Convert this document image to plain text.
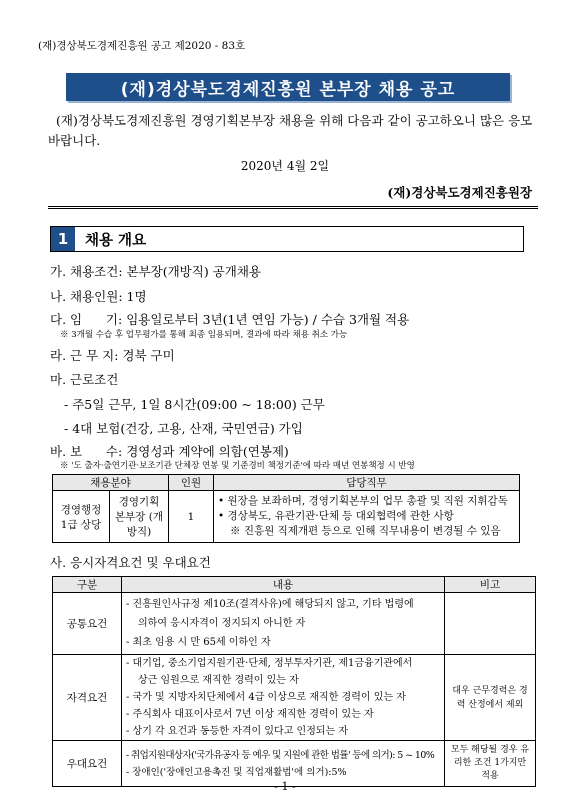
(재)경상북도경제진흥원 공고 제2020 - 83호
(재)경상북도경제진흥원 본부장 채용 공고
(재)경상북도경제진흥원 경영기획본부장 채용을 위해 다음과 같이 공고하오니 많은 응모 바랍니다.
2020년 4월 2일
(재)경상북도경제진흥원장
1	채용 개요
가. 채용조건: 본부장(개방직) 공개채용
나. 채용인원: 1명
다. 임      기: 임용일로부터 3년(1년 연임 가능) / 수습 3개월 적용
※ 3개월 수습 후 업무평가를 통해 최종 임용되며, 결과에 따라 채용 취소 가능
라. 근 무 지: 경북 구미
마. 근로조건
- 주5일 근무, 1일 8시간(09:00 ~ 18:00) 근무
- 4대 보험(건강, 고용, 산재, 국민연금) 가입
바. 보      수: 경영성과 계약에 의함(연봉제)
※ '도 출자·출연기관·보조기관 단체장 연봉 및 기준경비 책정기준'에 따라 매년 연봉책정 시 반영
채용분야		인원	담당직무
경영행정 1급 상당	경영기획 본부장 (개방직)	1	• 원장을 보좌하며, 경영기획본부의 업무 총괄 및 직원 지휘감독
• 경상북도, 유관기관·단체 등 대외협력에 관한 사항
※ 진흥원 직제개편 등으로 인해 직무내용이 변경될 수 있음
사. 응시자격요건 및 우대요건
구분	내용	비고
공통요건	- 진흥원인사규정 제10조(결격사유)에 해당되지 않고, 기타 법령에
의하여 응시자격이 정지되지 아니한 자
- 최초 임용 시 만 65세 이하인 자	

자격요건	- 대기업, 중소기업지원기관·단체, 정부투자기관, 제1금융기관에서
상근 임원으로 재직한 경력이 있는 자
- 국가 및 지방자치단체에서 4급 이상으로 재직한 경력이 있는 자
- 주식회사 대표이사로서 7년 이상 재직한 경력이 있는 자
- 상기 각 요건과 동등한 자격이 있다고 인정되는 자	대우 근무경력은 경력 산정에서 제외
우대요건	- 취업지원대상자('국가유공자 등 예우 및 지원에 관한 법률' 등에 의거): 5 ~ 10%
- 장애인('장애인고용촉진 및 직업재활법'에 의거):5%	모두 해당될 경우 유리한 조건 1가지만 적용
- 1 -
